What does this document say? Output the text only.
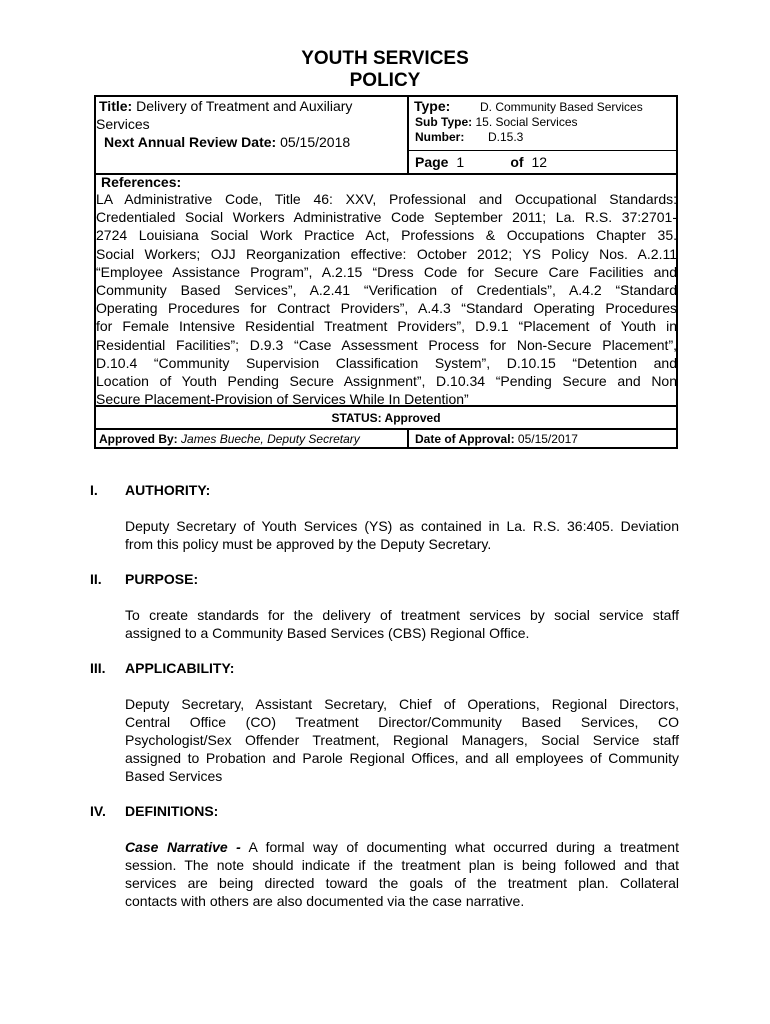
YOUTH SERVICES
POLICY
Title: Delivery of Treatment and Auxiliary
Services
Next Annual Review Date: 05/15/2018
Type: D. Community Based Services
Sub Type: 15. Social Services
Number: D.15.3
Page 1	of 12
References:
LA Administrative Code, Title 46: XXV, Professional and Occupational Standards:
Credentialed Social Workers Administrative Code September 2011; La. R.S. 37:2701-
2724 Louisiana Social Work Practice Act, Professions & Occupations Chapter 35.
Social Workers; OJJ Reorganization effective: October 2012; YS Policy Nos. A.2.11
“Employee Assistance Program”, A.2.15 “Dress Code for Secure Care Facilities and
Community Based Services”, A.2.41 “Verification of Credentials”, A.4.2 “Standard
Operating Procedures for Contract Providers”, A.4.3 “Standard Operating Procedures
for Female Intensive Residential Treatment Providers”, D.9.1 “Placement of Youth in
Residential Facilities”; D.9.3 “Case Assessment Process for Non-Secure Placement”,
D.10.4 “Community Supervision Classification System”, D.10.15 “Detention and
Location of Youth Pending Secure Assignment”, D.10.34 “Pending Secure and Non
Secure Placement-Provision of Services While In Detention”
STATUS: Approved
Approved By: James Bueche, Deputy Secretary	Date of Approval: 05/15/2017
I. AUTHORITY:
Deputy Secretary of Youth Services (YS) as contained in La. R.S. 36:405. Deviation
from this policy must be approved by the Deputy Secretary.
II. PURPOSE:
To create standards for the delivery of treatment services by social service staff
assigned to a Community Based Services (CBS) Regional Office.
III. APPLICABILITY:
Deputy Secretary, Assistant Secretary, Chief of Operations, Regional Directors,
Central Office (CO) Treatment Director/Community Based Services, CO
Psychologist/Sex Offender Treatment, Regional Managers, Social Service staff
assigned to Probation and Parole Regional Offices, and all employees of Community
Based Services
IV. DEFINITIONS:
Case Narrative - A formal way of documenting what occurred during a treatment
session. The note should indicate if the treatment plan is being followed and that
services are being directed toward the goals of the treatment plan. Collateral
contacts with others are also documented via the case narrative.
